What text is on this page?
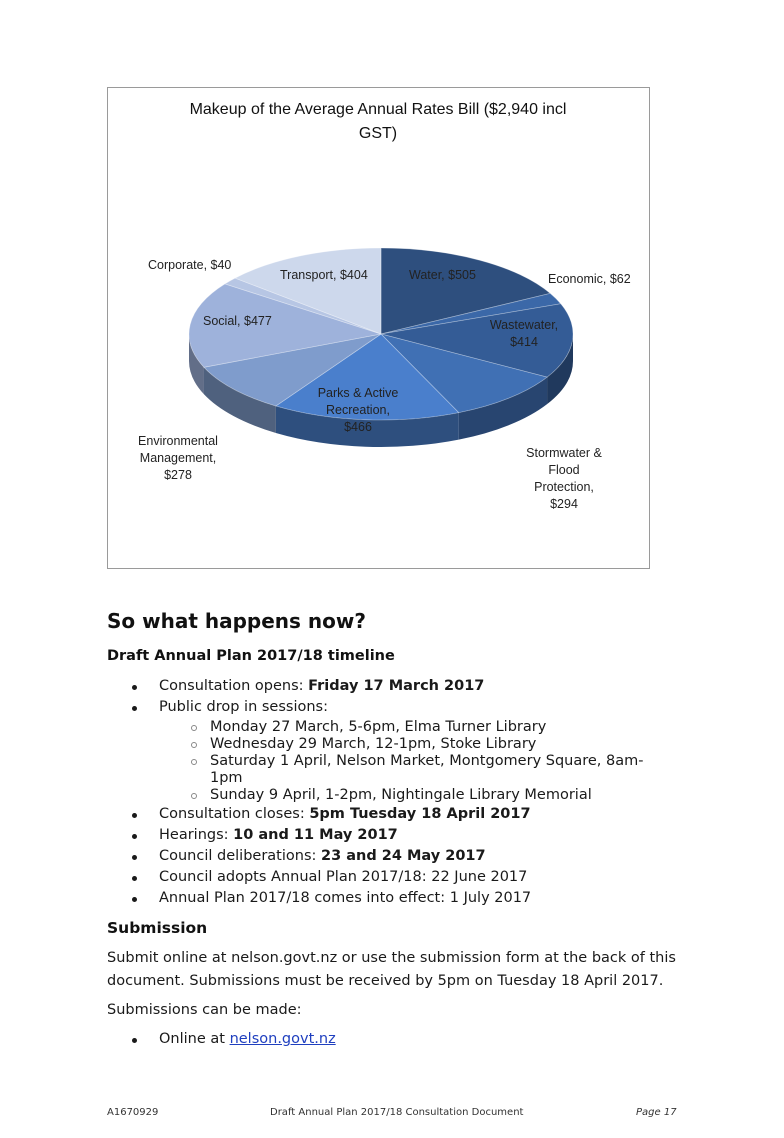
Makeup of the Average Annual Rates Bill ($2,940 incl
GST)
Water, $505	Economic, $62
Wastewater,
$414
Stormwater &
Flood
Protection,
$294
Parks & Active
Recreation,
$466
Environmental
Management,
$278
Social, $477
Corporate, $40
Transport, $404
So what happens now?
Draft Annual Plan 2017/18 timeline
Consultation opens: Friday 17 March 2017
Public drop in sessions:
Monday 27 March, 5-6pm, Elma Turner Library
Wednesday 29 March, 12-1pm, Stoke Library
Saturday 1 April, Nelson Market, Montgomery Square, 8am-1pm
Sunday 9 April, 1-2pm, Nightingale Library Memorial
Consultation closes: 5pm Tuesday 18 April 2017
Hearings: 10 and 11 May 2017
Council deliberations: 23 and 24 May 2017
Council adopts Annual Plan 2017/18: 22 June 2017
Annual Plan 2017/18 comes into effect: 1 July 2017
Submission

Submit online at nelson.govt.nz or use the submission form at the back of this document. Submissions must be received by 5pm on Tuesday 18 April 2017.

Submissions can be made:

Online at nelson.govt.nz
A1670929	Draft Annual Plan 2017/18 Consultation Document	Page 17
